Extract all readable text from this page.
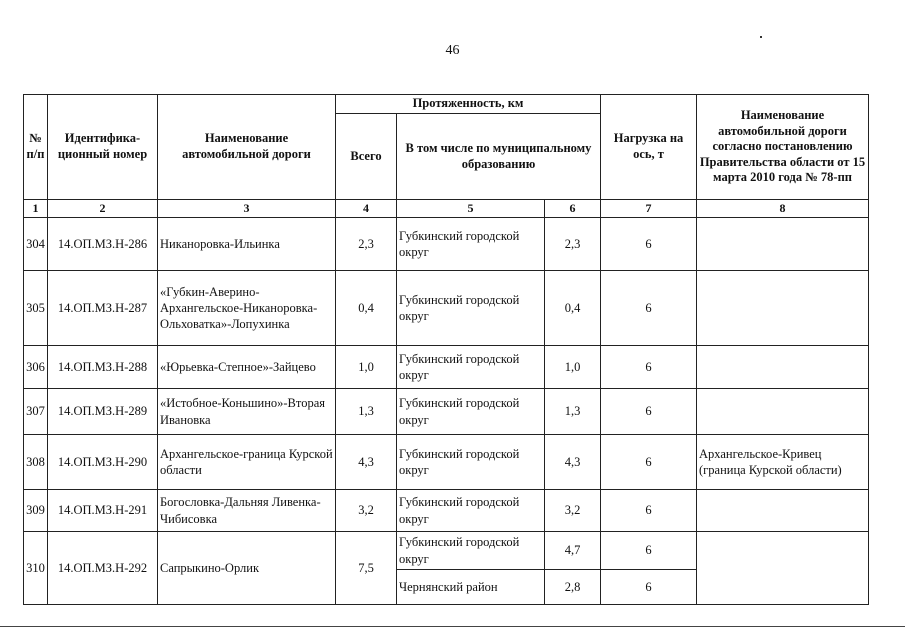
46
№ п/п	Идентифика-ционный номер	Наименование автомобильной дороги	Протяженность, км			Нагрузка на ось, т	Наименование автомобильной дороги согласно постановлению Правительства области от 15 марта 2010 года № 78-пп
			Всего	В том числе по муниципальному образованию			
1	2	3	4	5	6	7	8
304	14.ОП.МЗ.Н-286	Никаноровка-Ильинка	2,3	Губкинский городской округ	2,3	6	
305	14.ОП.МЗ.Н-287	«Губкин-Аверино-Архангельское-Никаноровка-Ольховатка»-Лопухинка	0,4	Губкинский городской округ	0,4	6	
306	14.ОП.МЗ.Н-288	«Юрьевка-Степное»-Зайцево	1,0	Губкинский городской округ	1,0	6	
307	14.ОП.МЗ.Н-289	«Истобное-Коньшино»-Вторая Ивановка	1,3	Губкинский городской округ	1,3	6	
308	14.ОП.МЗ.Н-290	Архангельское-граница Курской области	4,3	Губкинский городской округ	4,3	6	Архангельское-Кривец (граница Курской области)
309	14.ОП.МЗ.Н-291	Богословка-Дальняя Ливенка-Чибисовка	3,2	Губкинский городской округ	3,2	6	
310	14.ОП.МЗ.Н-292	Сапрыкино-Орлик	7,5	Губкинский городской округ	4,7	6	
				Чернянский район	2,8	6	
